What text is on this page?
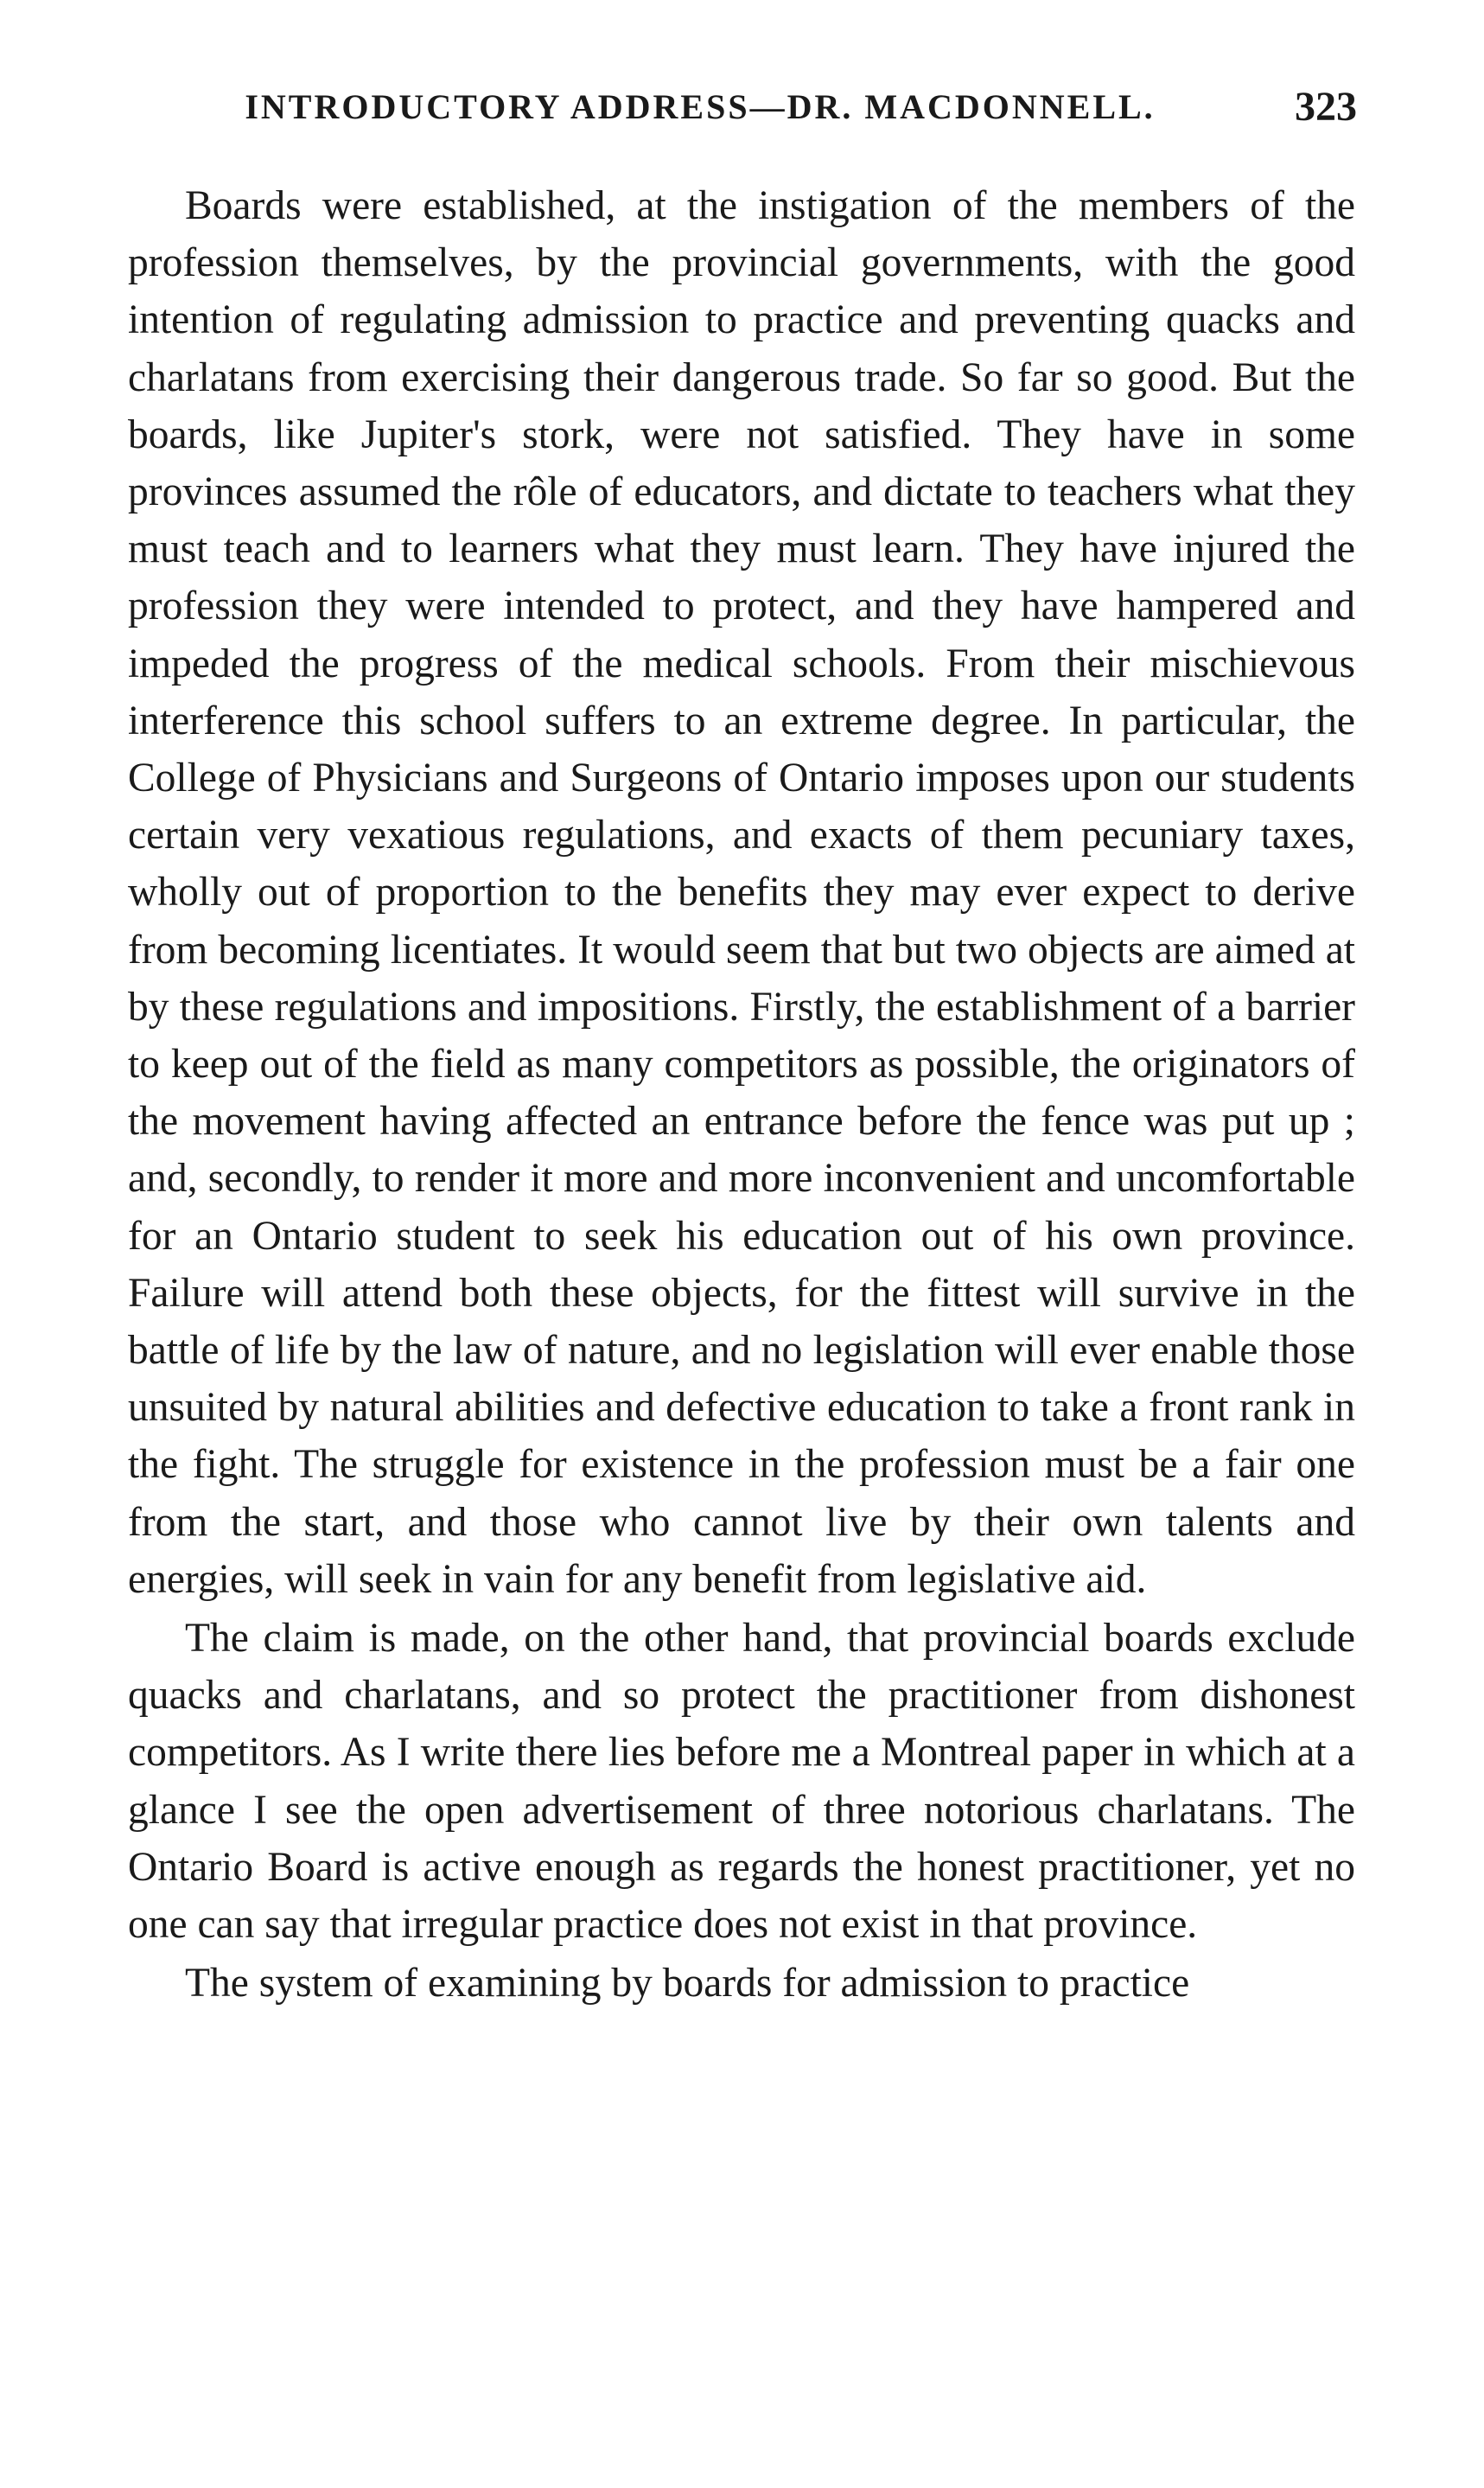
INTRODUCTORY ADDRESS—DR. MACDONNELL.	323

Boards were established, at the instigation of the members of the profession themselves, by the provincial governments, with the good intention of regulating admission to practice and preventing quacks and charlatans from exercising their dangerous trade. So far so good. But the boards, like Jupiter's stork, were not satisfied. They have in some provinces assumed the rôle of educators, and dictate to teachers what they must teach and to learners what they must learn. They have injured the profession they were intended to protect, and they have hampered and impeded the progress of the medical schools. From their mischievous interference this school suffers to an extreme degree. In particular, the College of Physicians and Surgeons of Ontario imposes upon our students certain very vexatious regulations, and exacts of them pecuniary taxes, wholly out of proportion to the benefits they may ever expect to derive from becoming licentiates. It would seem that but two objects are aimed at by these regulations and impositions. Firstly, the establishment of a barrier to keep out of the field as many competitors as possible, the originators of the movement having affected an entrance before the fence was put up ; and, secondly, to render it more and more inconvenient and uncomfortable for an Ontario student to seek his education out of his own province. Failure will attend both these objects, for the fittest will survive in the battle of life by the law of nature, and no legislation will ever enable those unsuited by natural abilities and defective education to take a front rank in the fight. The struggle for existence in the profession must be a fair one from the start, and those who cannot live by their own talents and energies, will seek in vain for any benefit from legislative aid.

The claim is made, on the other hand, that provincial boards exclude quacks and charlatans, and so protect the practitioner from dishonest competitors. As I write there lies before me a Montreal paper in which at a glance I see the open advertisement of three notorious charlatans. The Ontario Board is active enough as regards the honest practitioner, yet no one can say that irregular practice does not exist in that province.

The system of examining by boards for admission to practice
